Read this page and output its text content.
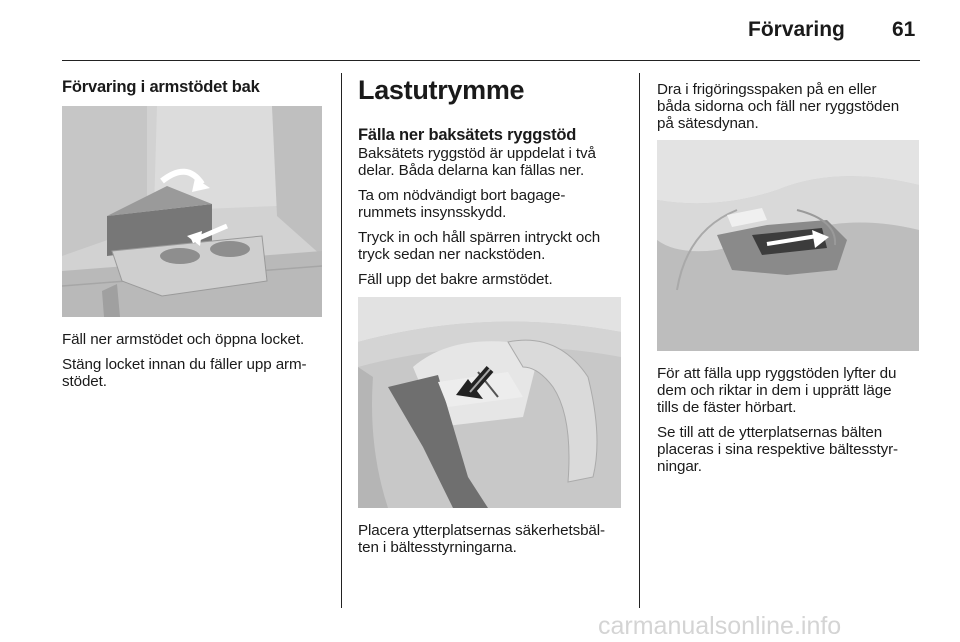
Förvaring 61
Förvaring i armstödet bak
Fäll ner armstödet och öppna locket.
Stäng locket innan du fäller upp arm-
stödet.
Lastutrymme
Fälla ner baksätets ryggstöd
Baksätets ryggstöd är uppdelat i två
delar. Båda delarna kan fällas ner.
Ta om nödvändigt bort bagage-
rummets insynsskydd.
Tryck in och håll spärren intryckt och
tryck sedan ner nackstöden.
Fäll upp det bakre armstödet.
Placera ytterplatsernas säkerhetsbäl-
ten i bältesstyrningarna.
Dra i frigöringsspaken på en eller
båda sidorna och fäll ner ryggstöden
på sätesdynan.
För att fälla upp ryggstöden lyfter du
dem och riktar in dem i upprätt läge
tills de fäster hörbart.
Se till att de ytterplatsernas bälten
placeras i sina respektive bältesstyr-
ningar.
carmanualsonline.info
